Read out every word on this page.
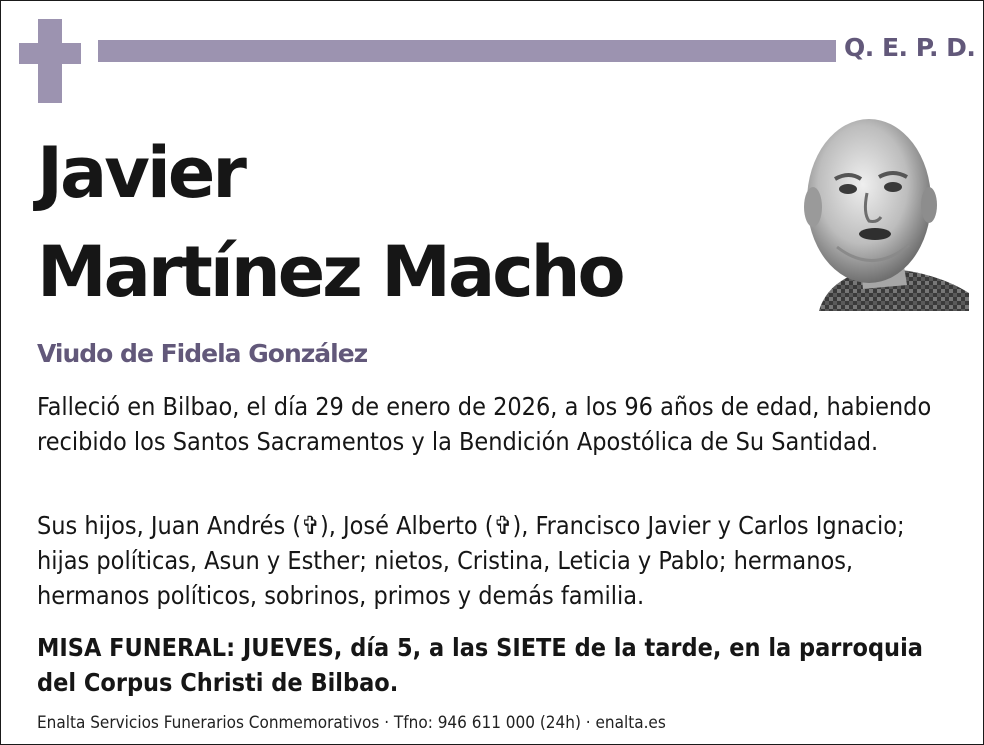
Q. E. P. D.
Javier
Martínez Macho
Viudo de Fidela González
Falleció en Bilbao, el día 29 de enero de 2026, a los 96 años de edad, habiendo recibido los Santos Sacramentos y la Bendición Apostólica de Su Santidad.
Sus hijos, Juan Andrés (✞), José Alberto (✞), Francisco Javier y Carlos Ignacio; hijas políticas, Asun y Esther; nietos, Cristina, Leticia y Pablo; hermanos, hermanos políticos, sobrinos, primos y demás familia.
MISA FUNERAL: JUEVES, día 5, a las SIETE de la tarde, en la parroquia del Corpus Christi de Bilbao.
Enalta Servicios Funerarios Conmemorativos · Tfno: 946 611 000 (24h) · enalta.es
